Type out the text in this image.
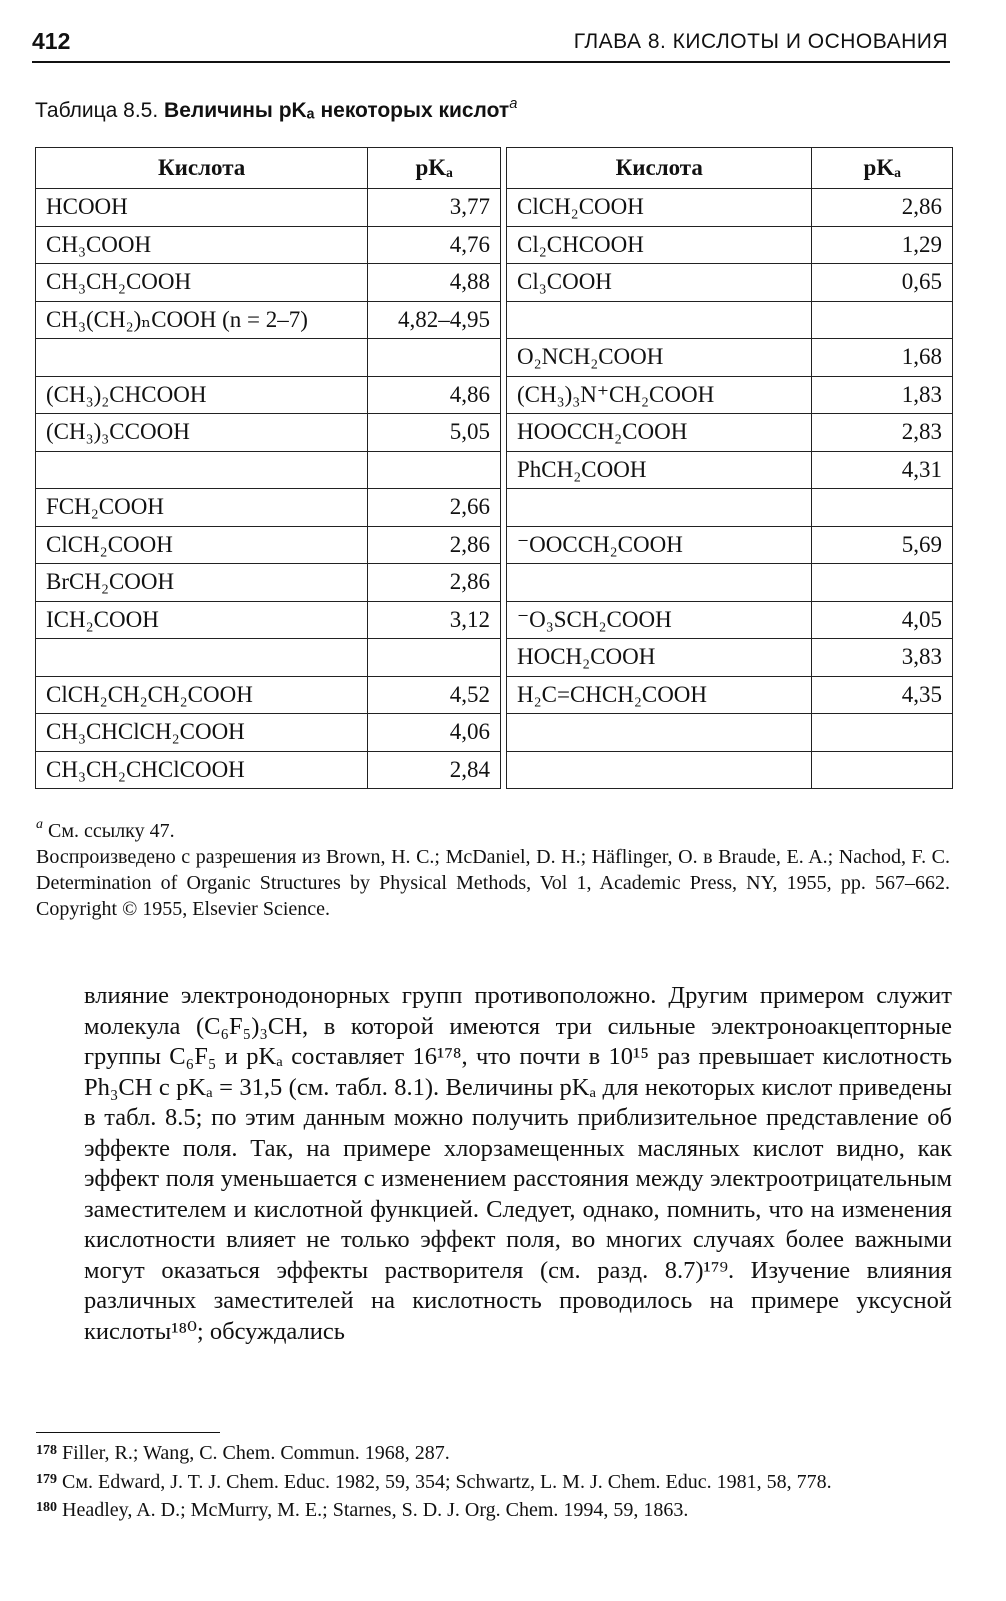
412	ГЛАВА 8. КИСЛОТЫ И ОСНОВАНИЯ
Таблица 8.5. Величины pKₐ некоторых кислот$^a$
Кислота	pKₐ
HCOOH	3,77
CH₃COOH	4,76
CH₃CH₂COOH	4,88
CH₃(CH₂)ₙCOOH (n = 2–7)	4,82–4,95

(CH₃)₂CHCOOH	4,86
(CH₃)₃CCOOH	5,05

FCH₂COOH	2,66
ClCH₂COOH	2,86
BrCH₂COOH	2,86
ICH₂COOH	3,12

ClCH₂CH₂CH₂COOH	4,52
CH₃CHClCH₂COOH	4,06
CH₃CH₂CHClCOOH	2,84
Кислота	pKₐ
ClCH₂COOH	2,86
Cl₂CHCOOH	1,29
Cl₃COOH	0,65

O₂NCH₂COOH	1,68
(CH₃)₃N⁺CH₂COOH	1,83
HOOCCH₂COOH	2,83
PhCH₂COOH	4,31

⁻OOCCH₂COOH	5,69

⁻O₃SCH₂COOH	4,05
HOCH₂COOH	3,83
H₂C=CHCH₂COOH	4,35

$^a$ См. ссылку 47.

Воспроизведено с разрешения из Brown, H. C.; McDaniel, D. H.; Häflinger, O. в Braude, E. A.; Nachod, F. C. Determination of Organic Structures by Physical Methods, Vol 1, Academic Press, NY, 1955, pp. 567–662. Copyright © 1955, Elsevier Science.

влияние электронодонорных групп противоположно. Другим примером служит молекула (C₆F₅)₃CH, в которой имеются три сильные электроноакцепторные группы C₆F₅ и pKₐ составляет 16¹⁷⁸, что почти в 10¹⁵ раз превышает кислотность Ph₃CH с pKₐ = 31,5 (см. табл. 8.1). Величины pKₐ для некоторых кислот приведены в табл. 8.5; по этим данным можно получить приблизительное представление об эффекте поля. Так, на примере хлорзамещенных масляных кислот видно, как эффект поля уменьшается с изменением расстояния между электроотрицательным заместителем и кислотной функцией. Следует, однако, помнить, что на изменения кислотности влияет не только эффект поля, во многих случаях более важными могут оказаться эффекты растворителя (см. разд. 8.7)¹⁷⁹. Изучение влияния различных заместителей на кислотность проводилось на примере уксусной кислоты¹⁸⁰; обсуждались

$^{178}$ Filler, R.; Wang, C. Chem. Commun. 1968, 287.

$^{179}$ См. Edward, J. T. J. Chem. Educ. 1982, 59, 354; Schwartz, L. M. J. Chem. Educ. 1981, 58, 778.

$^{180}$ Headley, A. D.; McMurry, M. E.; Starnes, S. D. J. Org. Chem. 1994, 59, 1863.
